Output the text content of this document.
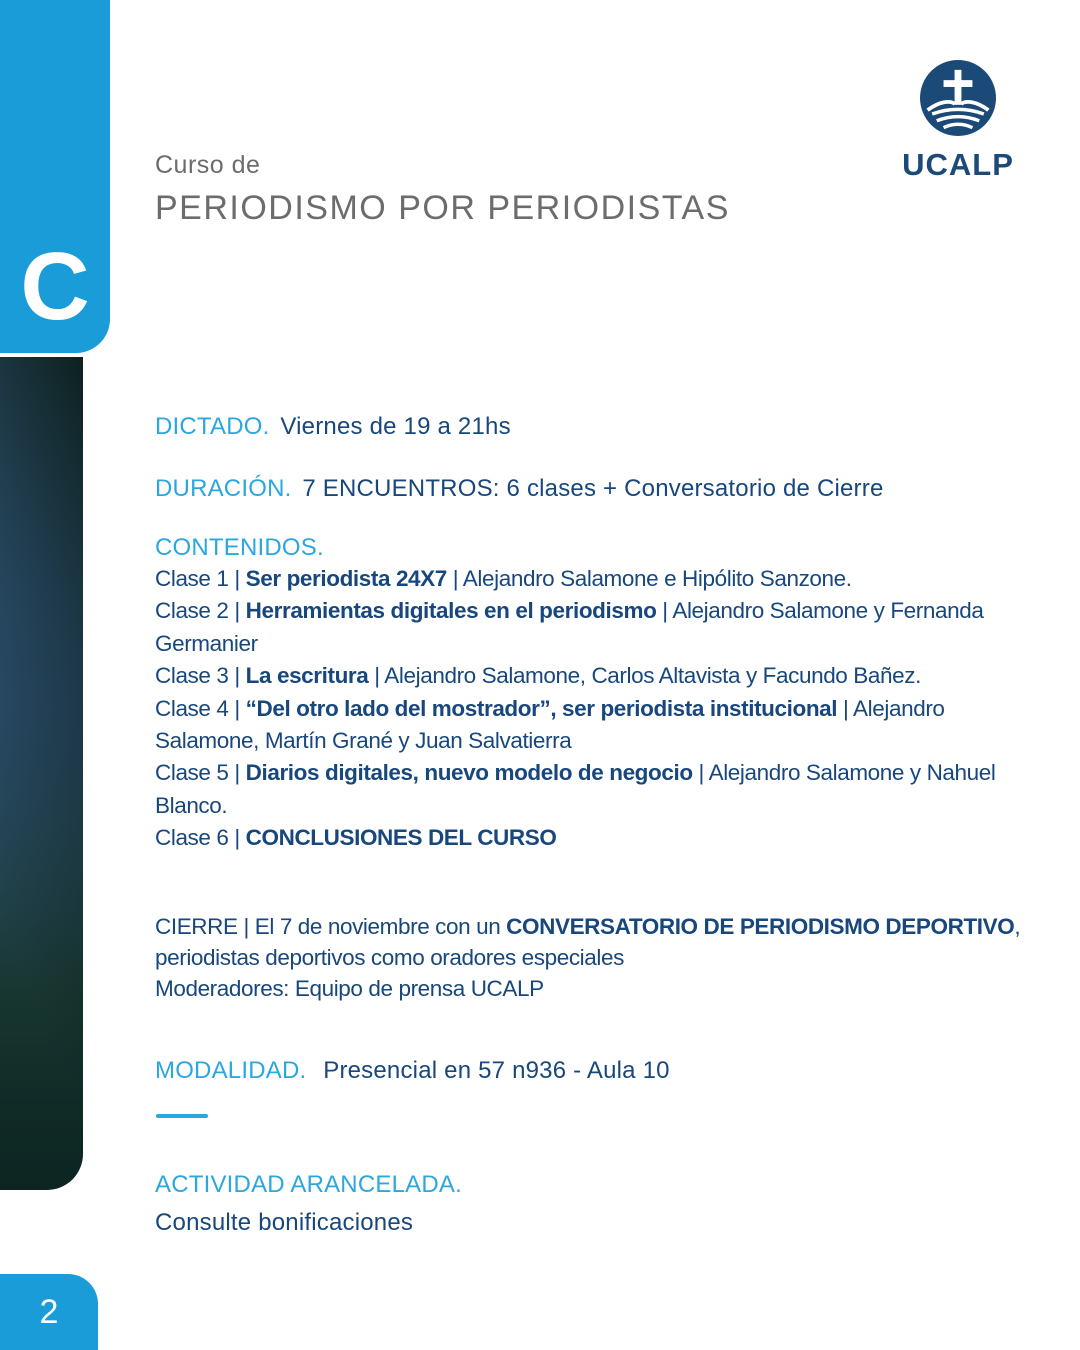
C
2
UCALP
Curso de
PERIODISMO POR PERIODISTAS
DICTADO. Viernes de 19 a 21hs
DURACIÓN. 7 ENCUENTROS: 6 clases + Conversatorio de Cierre
CONTENIDOS.
Clase 1 | Ser periodista 24X7 | Alejandro Salamone e Hipólito Sanzone.
Clase 2 | Herramientas digitales en el periodismo | Alejandro Salamone y Fernanda Germanier
Clase 3 | La escritura | Alejandro Salamone, Carlos Altavista y Facundo Bañez.
Clase 4 | “Del otro lado del mostrador”, ser periodista institucional | Alejandro Salamone, Martín Grané y Juan Salvatierra
Clase 5 | Diarios digitales, nuevo modelo de negocio | Alejandro Salamone y Nahuel Blanco.
Clase 6 | CONCLUSIONES DEL CURSO
CIERRE | El 7 de noviembre con un CONVERSATORIO DE PERIODISMO DEPORTIVO, periodistas deportivos como oradores especiales
Moderadores: Equipo de prensa UCALP
MODALIDAD. Presencial en 57 n936 - Aula 10
ACTIVIDAD ARANCELADA.
Consulte bonificaciones
